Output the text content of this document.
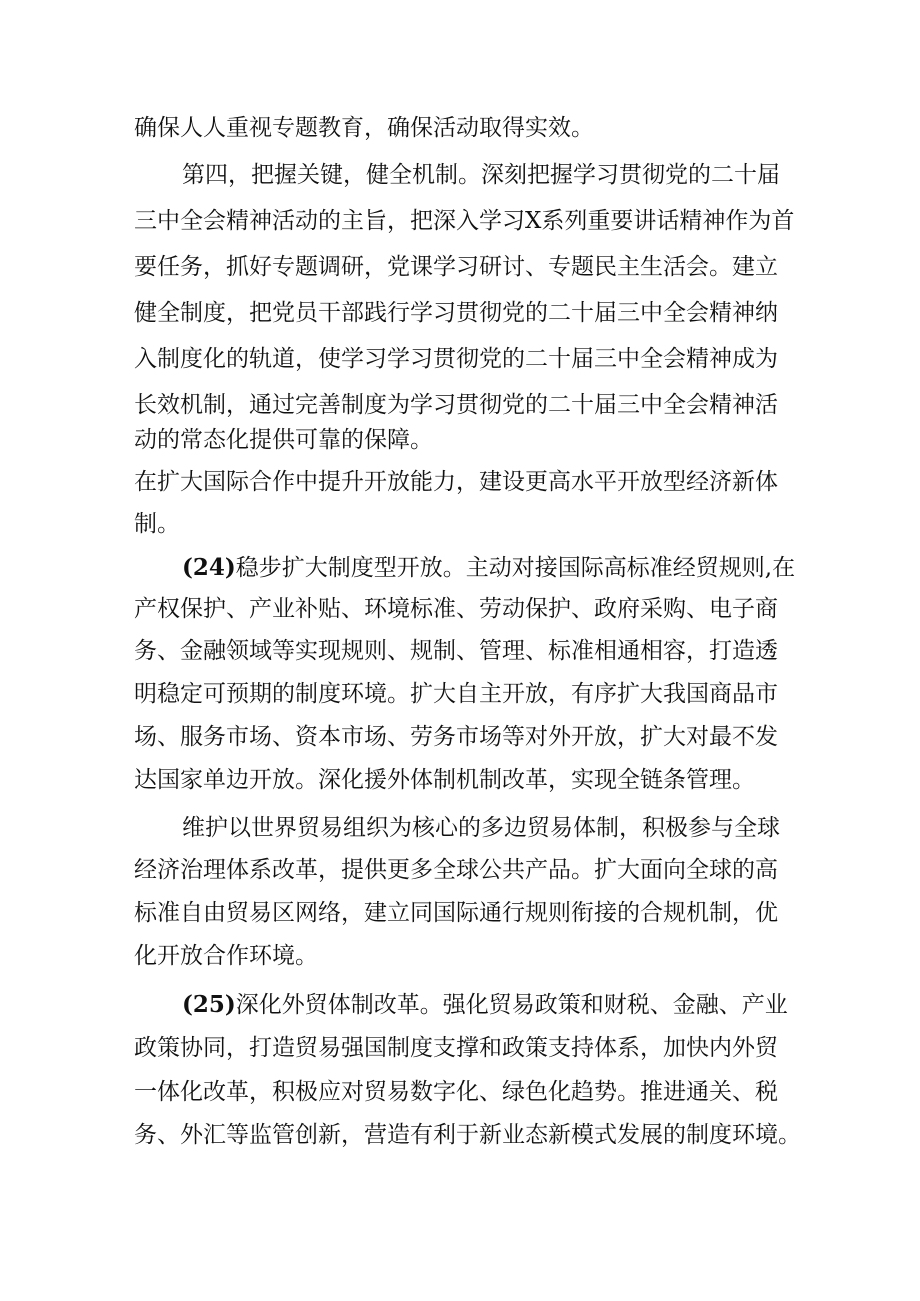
确保人人重视专题教育，确保活动取得实效。

第四，把握关键，健全机制。深刻把握学习贯彻党的二十届

三中全会精神活动的主旨，把深入学习X系列重要讲话精神作为首

要任务，抓好专题调研，党课学习研讨、专题民主生活会。建立

健全制度，把党员干部践行学习贯彻党的二十届三中全会精神纳

入制度化的轨道，使学习学习贯彻党的二十届三中全会精神成为

长效机制，通过完善制度为学习贯彻党的二十届三中全会精神活

动的常态化提供可靠的保障。

在扩大国际合作中提升开放能力，建设更高水平开放型经济新体

制。

(24)稳步扩大制度型开放。主动对接国际高标准经贸规则,在

产权保护、产业补贴、环境标准、劳动保护、政府采购、电子商

务、金融领域等实现规则、规制、管理、标准相通相容，打造透

明稳定可预期的制度环境。扩大自主开放，有序扩大我国商品市

场、服务市场、资本市场、劳务市场等对外开放，扩大对最不发

达国家单边开放。深化援外体制机制改革，实现全链条管理。

维护以世界贸易组织为核心的多边贸易体制，积极参与全球

经济治理体系改革，提供更多全球公共产品。扩大面向全球的高

标准自由贸易区网络，建立同国际通行规则衔接的合规机制，优

化开放合作环境。

(25)深化外贸体制改革。强化贸易政策和财税、金融、产业

政策协同，打造贸易强国制度支撑和政策支持体系，加快内外贸

一体化改革，积极应对贸易数字化、绿色化趋势。推进通关、税

务、外汇等监管创新，营造有利于新业态新模式发展的制度环境。
